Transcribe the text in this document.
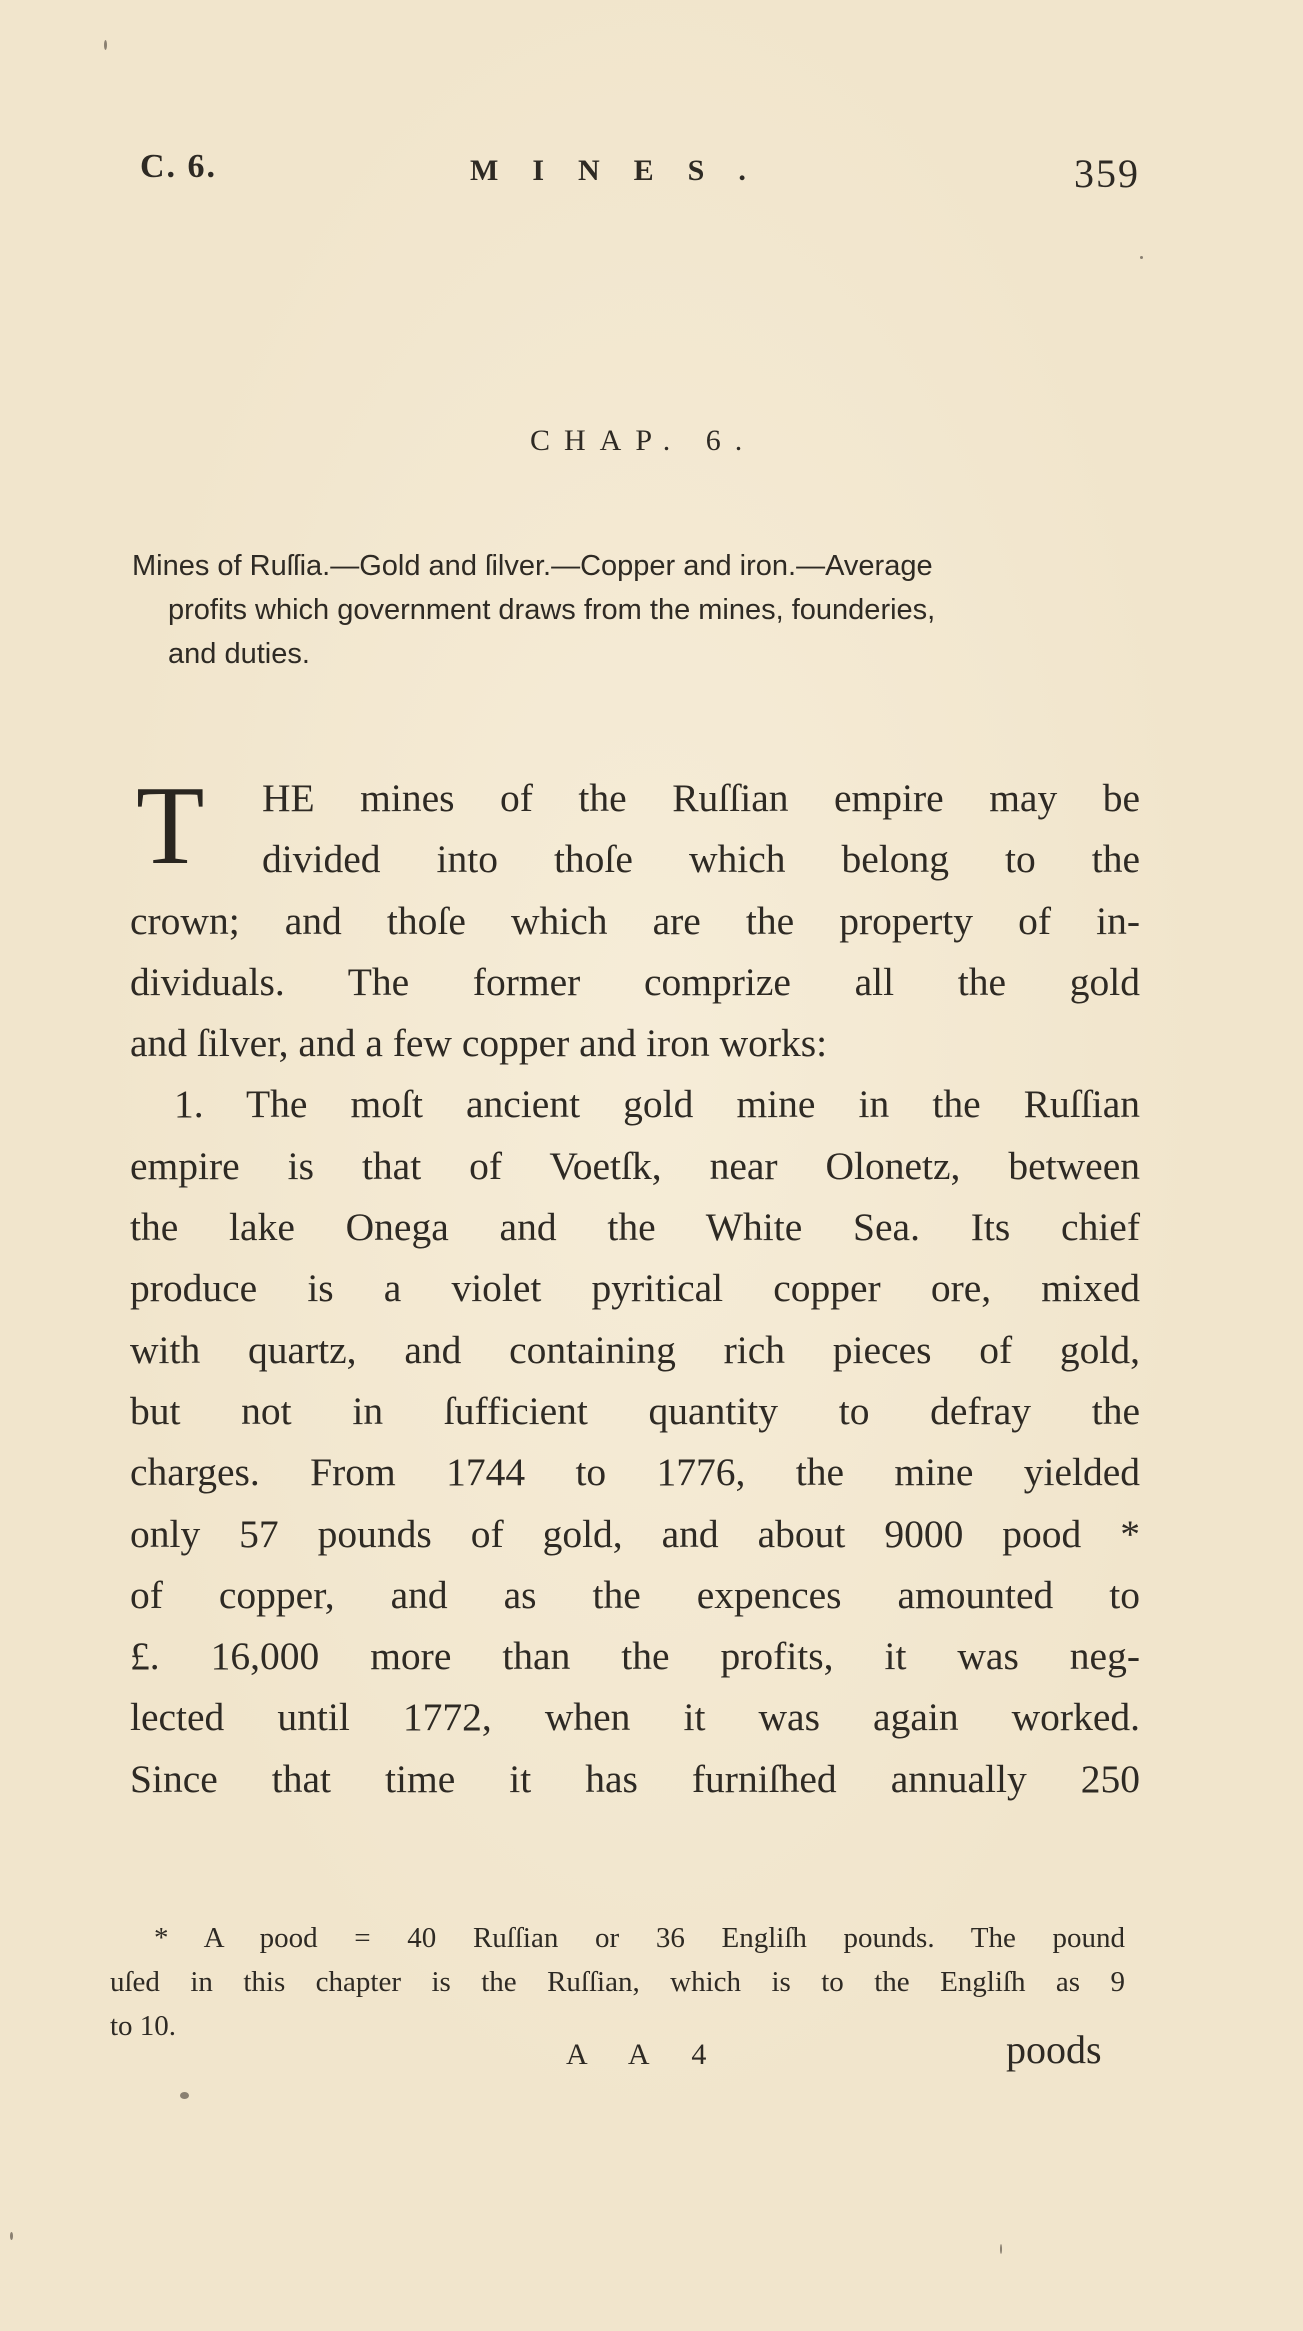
C. 6.	MINES.	359
CHAP. 6.
Mines of Ruſſia.—Gold and ſilver.—Copper and iron.—Average
profits which government draws from the mines, founderies,
and duties.
T	HE mines of the Ruſſian empire may be
divided into thoſe which belong to the
crown; and thoſe which are the property of in-
dividuals. The former comprize all the gold
and ſilver, and a few copper and iron works:
1. The moſt ancient gold mine in the Ruſſian
empire is that of Voetſk, near Olonetz, between
the lake Onega and the White Sea. Its chief
produce is a violet pyritical copper ore, mixed
with quartz, and containing rich pieces of gold,
but not in ſufficient quantity to defray the
charges. From 1744 to 1776, the mine yielded
only 57 pounds of gold, and about 9000 pood *
of copper, and as the expences amounted to
£. 16,000 more than the profits, it was neg-
lected until 1772, when it was again worked.
Since that time it has furniſhed annually 250
* A pood = 40 Ruſſian or 36 Engliſh pounds. The pound
uſed in this chapter is the Ruſſian, which is to the Engliſh as 9
to 10.
A A 4	poods
